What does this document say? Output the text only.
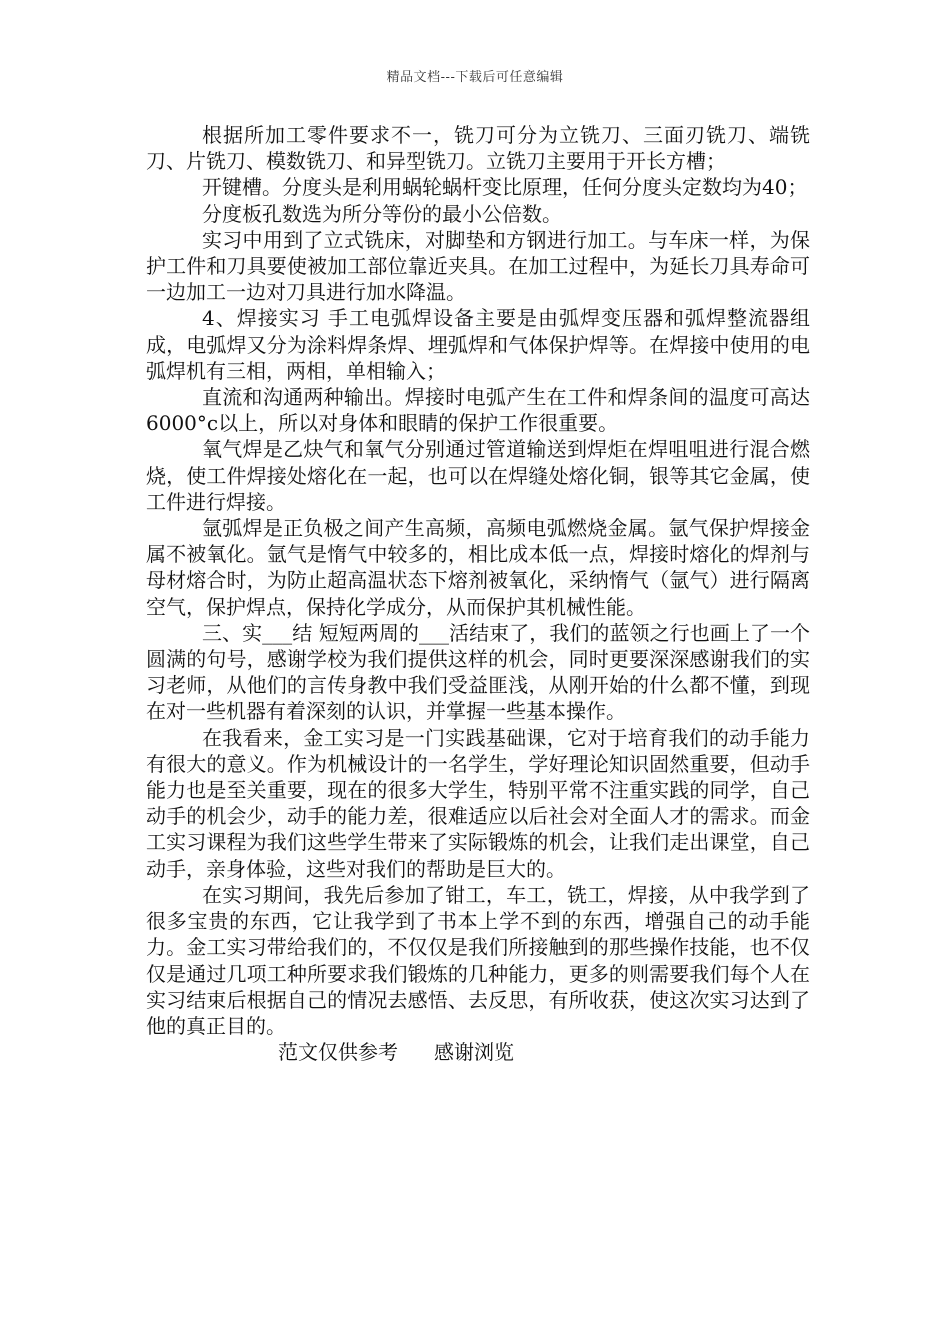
精品文档---下载后可任意编辑

根据所加工零件要求不一，铣刀可分为立铣刀、三面刃铣刀、端铣刀、片铣刀、模数铣刀、和异型铣刀。立铣刀主要用于开长方槽；

开键槽。分度头是利用蜗轮蜗杆变比原理，任何分度头定数均为40；

分度板孔数选为所分等份的最小公倍数。

实习中用到了立式铣床，对脚垫和方钢进行加工。与车床一样，为保护工件和刀具要使被加工部位靠近夹具。在加工过程中，为延长刀具寿命可一边加工一边对刀具进行加水降温。

4、焊接实习 手工电弧焊设备主要是由弧焊变压器和弧焊整流器组成，电弧焊又分为涂料焊条焊、埋弧焊和气体保护焊等。在焊接中使用的电弧焊机有三相，两相，单相输入；

直流和沟通两种输出。焊接时电弧产生在工件和焊条间的温度可高达6000°c以上，所以对身体和眼睛的保护工作很重要。

氧气焊是乙炔气和氧气分别通过管道输送到焊炬在焊咀咀进行混合燃烧，使工件焊接处熔化在一起，也可以在焊缝处熔化铜，银等其它金属，使工件进行焊接。

氩弧焊是正负极之间产生高频，高频电弧燃烧金属。氩气保护焊接金属不被氧化。氩气是惰气中较多的，相比成本低一点，焊接时熔化的焊剂与母材熔合时，为防止超高温状态下熔剂被氧化，采纳惰气（氩气）进行隔离空气，保护焊点，保持化学成分，从而保护其机械性能。

三、实___结 短短两周的___活结束了，我们的蓝领之行也画上了一个圆满的句号，感谢学校为我们提供这样的机会，同时更要深深感谢我们的实习老师，从他们的言传身教中我们受益匪浅，从刚开始的什么都不懂，到现在对一些机器有着深刻的认识，并掌握一些基本操作。

在我看来，金工实习是一门实践基础课，它对于培育我们的动手能力有很大的意义。作为机械设计的一名学生，学好理论知识固然重要，但动手能力也是至关重要，现在的很多大学生，特别平常不注重实践的同学，自己动手的机会少，动手的能力差，很难适应以后社会对全面人才的需求。而金工实习课程为我们这些学生带来了实际锻炼的机会，让我们走出课堂，自己动手，亲身体验，这些对我们的帮助是巨大的。

在实习期间，我先后参加了钳工，车工，铣工，焊接，从中我学到了很多宝贵的东西，它让我学到了书本上学不到的东西，增强自己的动手能力。金工实习带给我们的，不仅仅是我们所接触到的那些操作技能，也不仅仅是通过几项工种所要求我们锻炼的几种能力，更多的则需要我们每个人在实习结束后根据自己的情况去感悟、去反思，有所收获，使这次实习达到了他的真正目的。

范文仅供参考 感谢浏览
